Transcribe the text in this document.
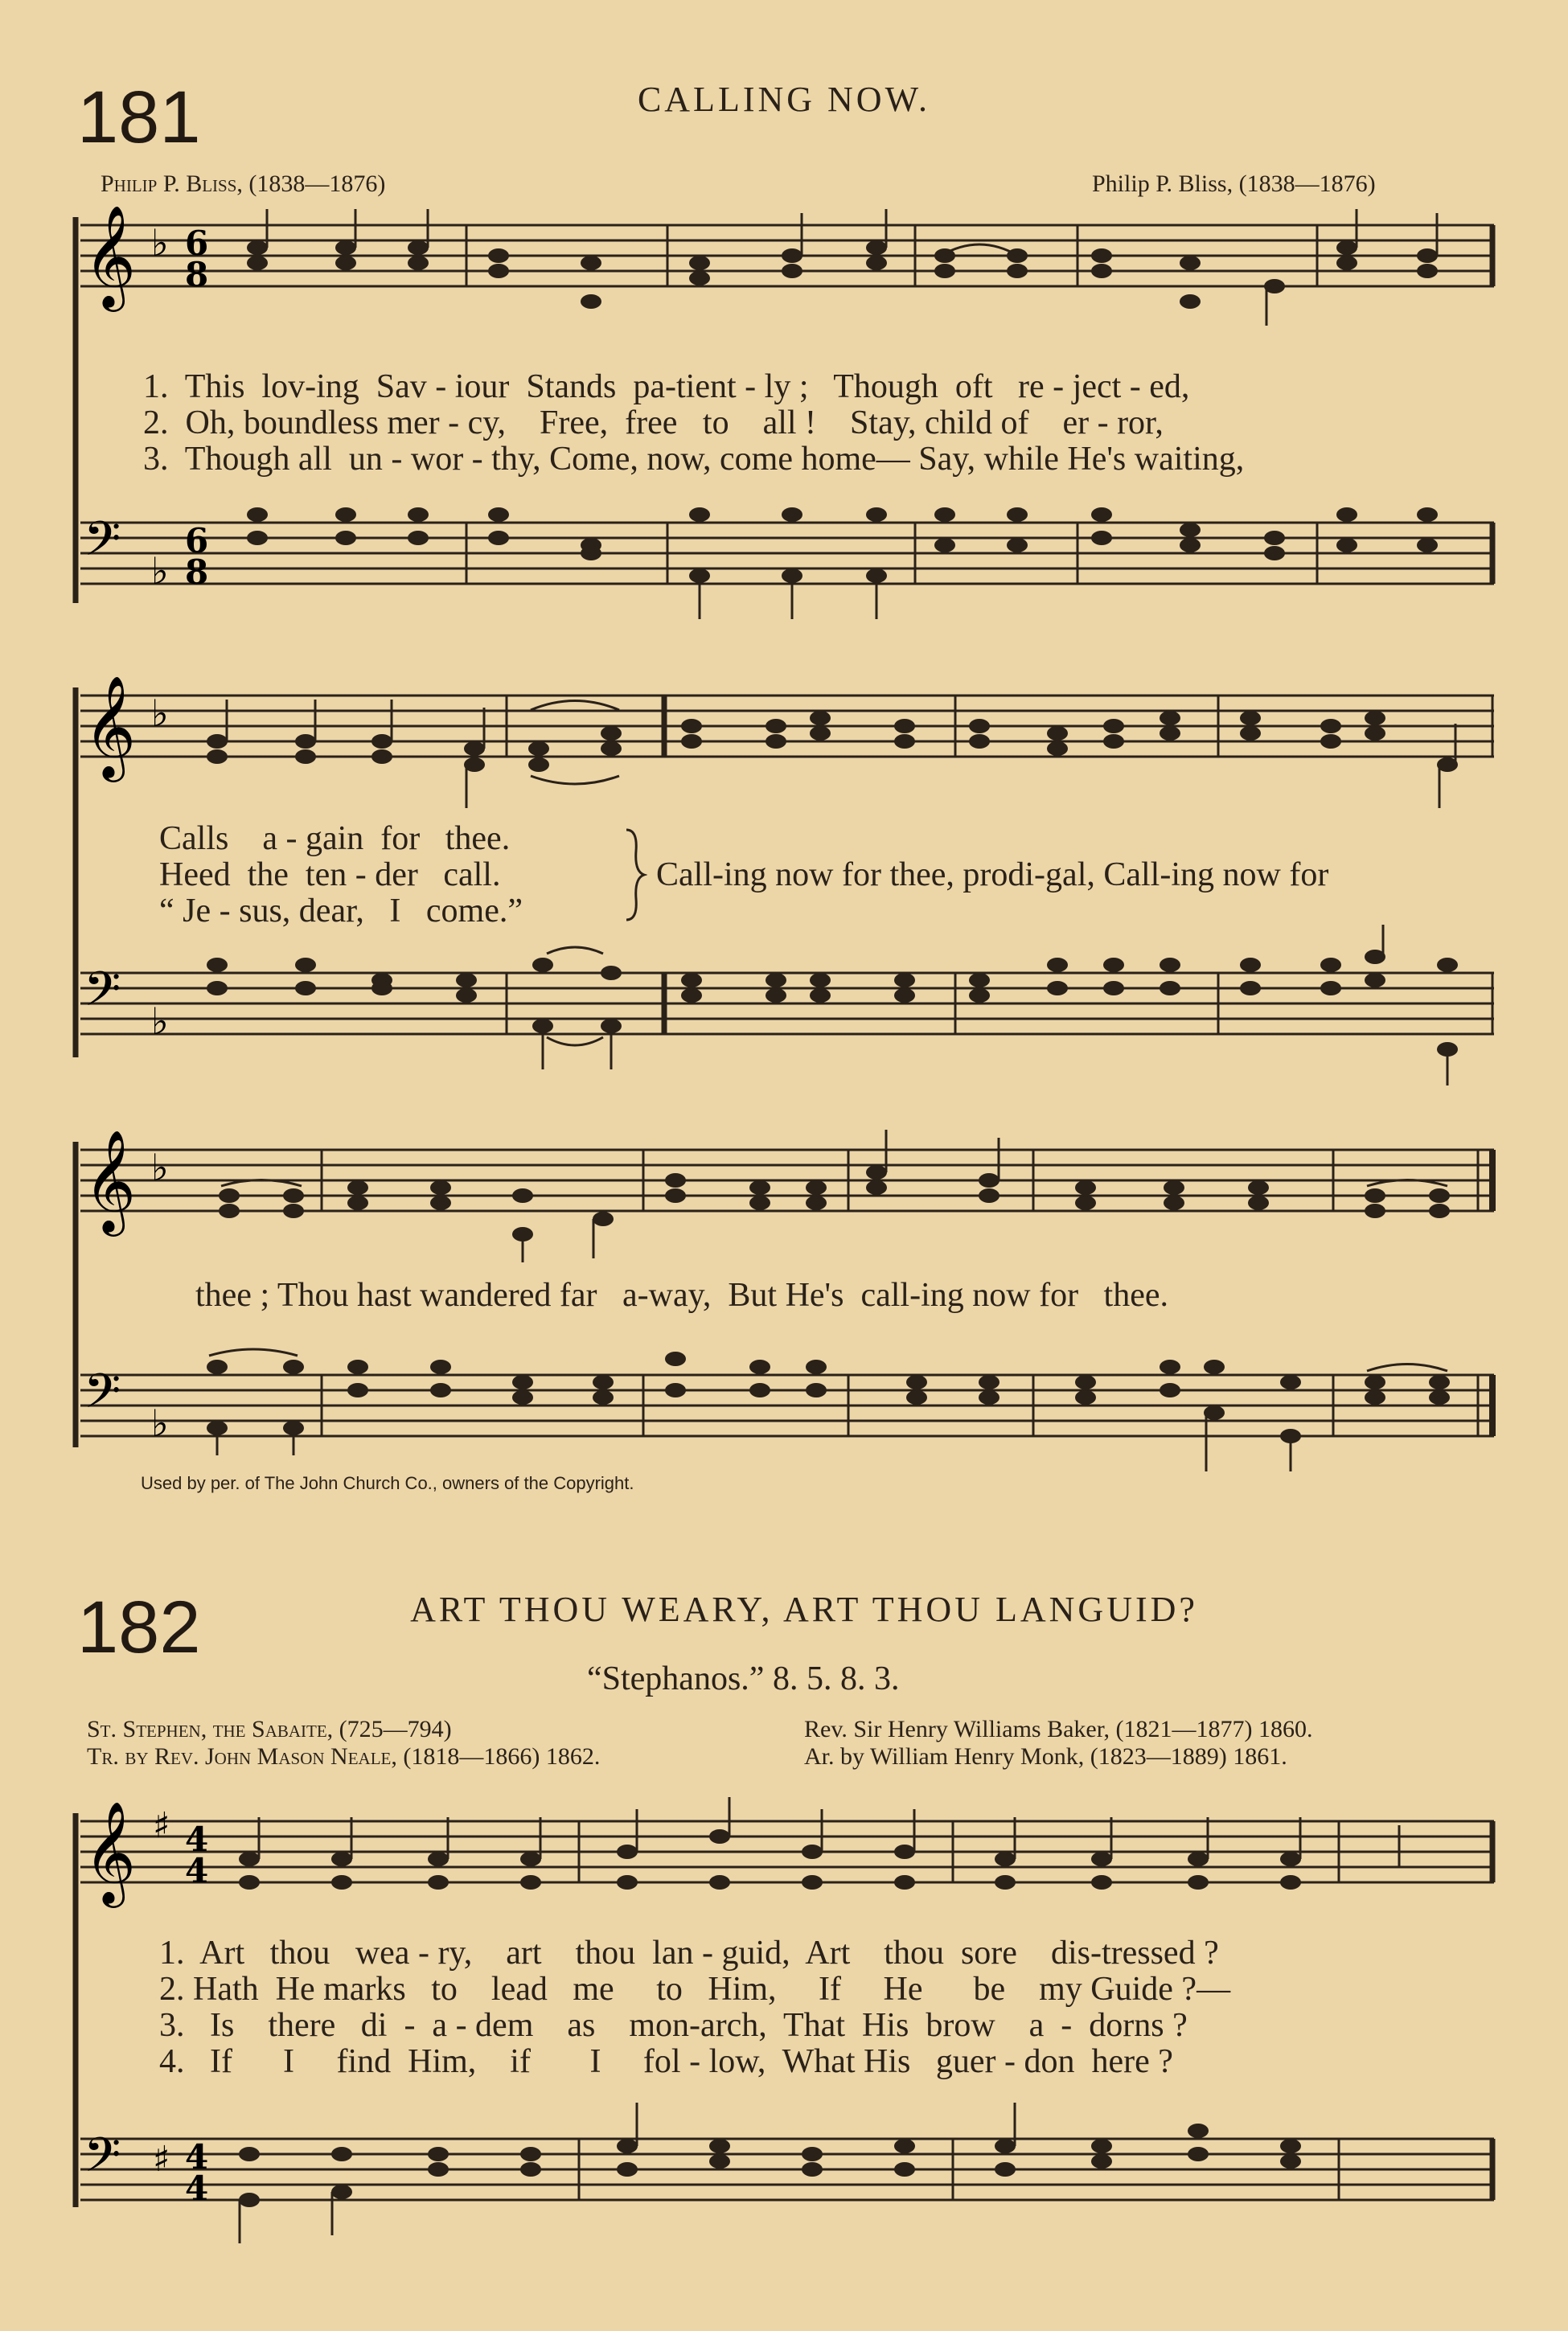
181	CALLING NOW.
Philip P. Bliss, (1838—1876)	Philip P. Bliss, (1838—1876)
𝄞 ♭ 6
8
1.  This  lov-ing  Sav - iour  Stands  pa-tient - ly ;   Though  oft   re - ject - ed,
2.  Oh, boundless mer - cy,    Free,  free   to    all !    Stay, child of    er - ror,
3.  Though all  un - wor - thy, Come, now, come home— Say, while He's waiting,
𝄢 ♭
6
8
𝄞 ♭
Calls    a - gain  for   thee.
Heed  the  ten - der   call.
“ Je - sus, dear,   I   come.”
Call-ing now for thee, prodi-gal, Call-ing now for
𝄢 ♭
𝄞 ♭
thee ; Thou hast wandered far   a-way,  But He's  call-ing now for   thee.
𝄢 ♭
Used by per. of The John Church Co., owners of the Copyright.
182	ART THOU WEARY, ART THOU LANGUID?
“Stephanos.” 8. 5. 8. 3.
St. Stephen, the Sabaite, (725—794)	Rev. Sir Henry Williams Baker, (1821—1877) 1860.
Tr. by Rev. John Mason Neale, (1818—1866) 1862.	Ar. by William Henry Monk, (1823—1889) 1861.
𝄞 ♯ 4
4
1.  Art   thou   wea - ry,    art    thou  lan - guid,  Art    thou  sore    dis-tressed ?
2. Hath  He marks   to    lead   me     to   Him,     If     He      be    my Guide ?—
3.   Is    there   di  -  a - dem    as    mon-arch,  That  His  brow    a  -  dorns ?
4.   If      I     find  Him,    if       I     fol - low,  What His   guer - don  here ?
𝄢 ♯ 4
4
